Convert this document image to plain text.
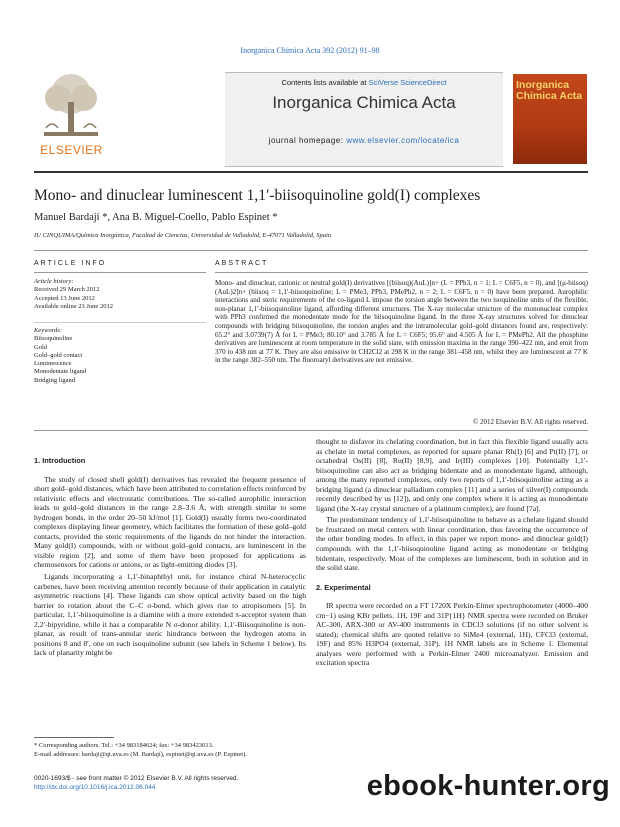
Inorganica Chimica Acta 392 (2012) 91–98
Contents lists available at SciVerse ScienceDirect
Inorganica Chimica Acta
journal homepage: www.elsevier.com/locate/ica
ELSEVIER
Inorganica Chimica Acta
Mono- and dinuclear luminescent 1,1′-biisoquinoline gold(I) complexes
Manuel Bardají *, Ana B. Miguel-Coello, Pablo Espinet *
IU CINQUIMA/Química Inorgánica, Facultad de Ciencias, Universidad de Valladolid, E-47071 Valladolid, Spain
ARTICLE INFO	ABSTRACT
Article history:
Received 29 March 2012
Accepted 13 June 2012
Available online 23 June 2012
Keywords:
Biisoquinoline
Gold
Gold–gold contact
Luminescence
Monodentate ligand
Bridging ligand
Mono- and dinuclear, cationic or neutral gold(I) derivatives [(biisoq)(AuL)]n+ (L = PPh3, n = 1; L = C6F5, n = 0), and [(μ-biisoq)(AuL)2]n+ (biisoq = 1,1′-biisoquinoline; L = PMe3, PPh3, PMePh2, n = 2; L = C6F5, n = 0) have been prepared. Aurophilic interactions and steric requirements of the co-ligand L impose the torsion angle between the two isoquinoline units of the flexible, non-planar 1,1′-biisoquinoline ligand, affording different structures. The X-ray molecular structure of the mononuclear complex with PPh3 confirmed the monodentate mode for the biisoquinoline ligand. In the three X-ray structures solved for dinuclear compounds with bridging biisoquinoline, the torsion angles and the intramolecular gold–gold distances found are, respectively: 65.2° and 3.0739(7) Å for L = PMe3; 80.10° and 3.785 Å for L = C6F5; 95.6° and 4.505 Å for L = PMePh2. All the phosphine derivatives are luminescent at room temperature in the solid state, with emission maxima in the range 390–422 nm, and emit from 370 to 438 nm at 77 K. They are also emissive in CH2Cl2 at 298 K in the range 381–458 nm, whilst they are luminescent at 77 K in the range 382–550 nm. The fluoroaryl derivatives are not emissive.
© 2012 Elsevier B.V. All rights reserved.
1. Introduction

The study of closed shell gold(I) derivatives has revealed the frequent presence of short gold–gold distances, which have been attributed to correlation effects reinforced by relativistic effects and electrostatic contributions. The so-called aurophilic interaction leads to gold–gold distances in the range 2.8–3.6 Å, with strength similar to some hydrogen bonds, in the order 20–50 kJ/mol [1]. Gold(I) usually forms two-coordinated complexes displaying linear geometry, which facilitates the formation of these gold–gold contacts, provided the steric requirements of the ligands do not hinder the interaction. Many gold(I) compounds, with or without gold–gold contacts, are luminescent in the visible region [2], and some of them have been proposed for applications as chemosensors for cations or anions, or as light-emitting diodes [3].

Ligands incorporating a 1,1′-binaphthyl unit, for instance chiral N-heterocyclic carbenes, have been receiving attention recently because of their application in catalytic asymmetric reactions [4]. These ligands can show optical activity based on the high barrier to rotation about the C–C σ-bond, which gives rise to atropisomers [5]. In particular, 1,1′-biisoquinoline is a diamine with a more extended π-acceptor system than 2,2′-bipyridine, while it has a comparable N σ-donor ability. 1,1′-Biisoquinoline is non-planar, as result of trans-annular steric hindrance between the hydrogen atoms in positions 8 and 8′, one on each isoquinoline subunit (see labels in Scheme 1 below). Its lack of planarity might be

thought to disfavor its chelating coordination, but in fact this flexible ligand usually acts as chelate in metal complexes, as reported for square planar Rh(I) [6] and Pt(II) [7], or octahedral Os(II) [8], Ru(II) [8,9], and Ir(III) complexes [10]. Potentially 1,1′-biisoquinoline can also act as bridging bidentate and as monodentate ligand, although, among the many reported complexes, only two reports of 1,1′-biisoquinoline acting as a bridging ligand (a dinuclear palladium complex [11] and a series of silver(I) compounds recently described by us [12]), and only one complex where it is acting as monodentate ligand (the X-ray crystal structure of a platinum complex), are found [7a].

The predominant tendency of 1,1′-biisoquinoline to behave as a chelate ligand should be frustrated on metal centers with linear coordination, thus favoring the occurrence of the other bonding modes. In effect, in this paper we report mono- and dinuclear gold(I) compounds with the 1,1′-biisoquinoline ligand acting as monodentate or bridging bidentate, respectively. Most of the complexes are luminescent, both in solution and in the solid state.

2. Experimental

IR spectra were recorded on a FT 1720X Perkin-Elmer spectrophotometer (4000–400 cm−1) using KBr pellets. 1H, 19F and 31P{1H} NMR spectra were recorded on Bruker AC-300, ARX-300 or AV-400 instruments in CDCl3 solutions (if no other solvent is stated); chemical shifts are quoted relative to SiMe4 (external, 1H), CFCl3 (external, 19F) and 85% H3PO4 (external, 31P). 1H NMR labels are in Scheme 1. Elemental analyses were performed with a Perkin-Elmer 2400 microanalyzer. Emission and excitation spectra

* Corresponding authors. Tel.: +34 983184624; fax: +34 983423013.
E-mail addresses: bardaji@qi.uva.es (M. Bardají), espinet@qi.uva.es (P. Espinet).
0020-1693/$ - see front matter © 2012 Elsevier B.V. All rights reserved.
http://dx.doi.org/10.1016/j.ica.2012.06.044	ebook-hunter.org
